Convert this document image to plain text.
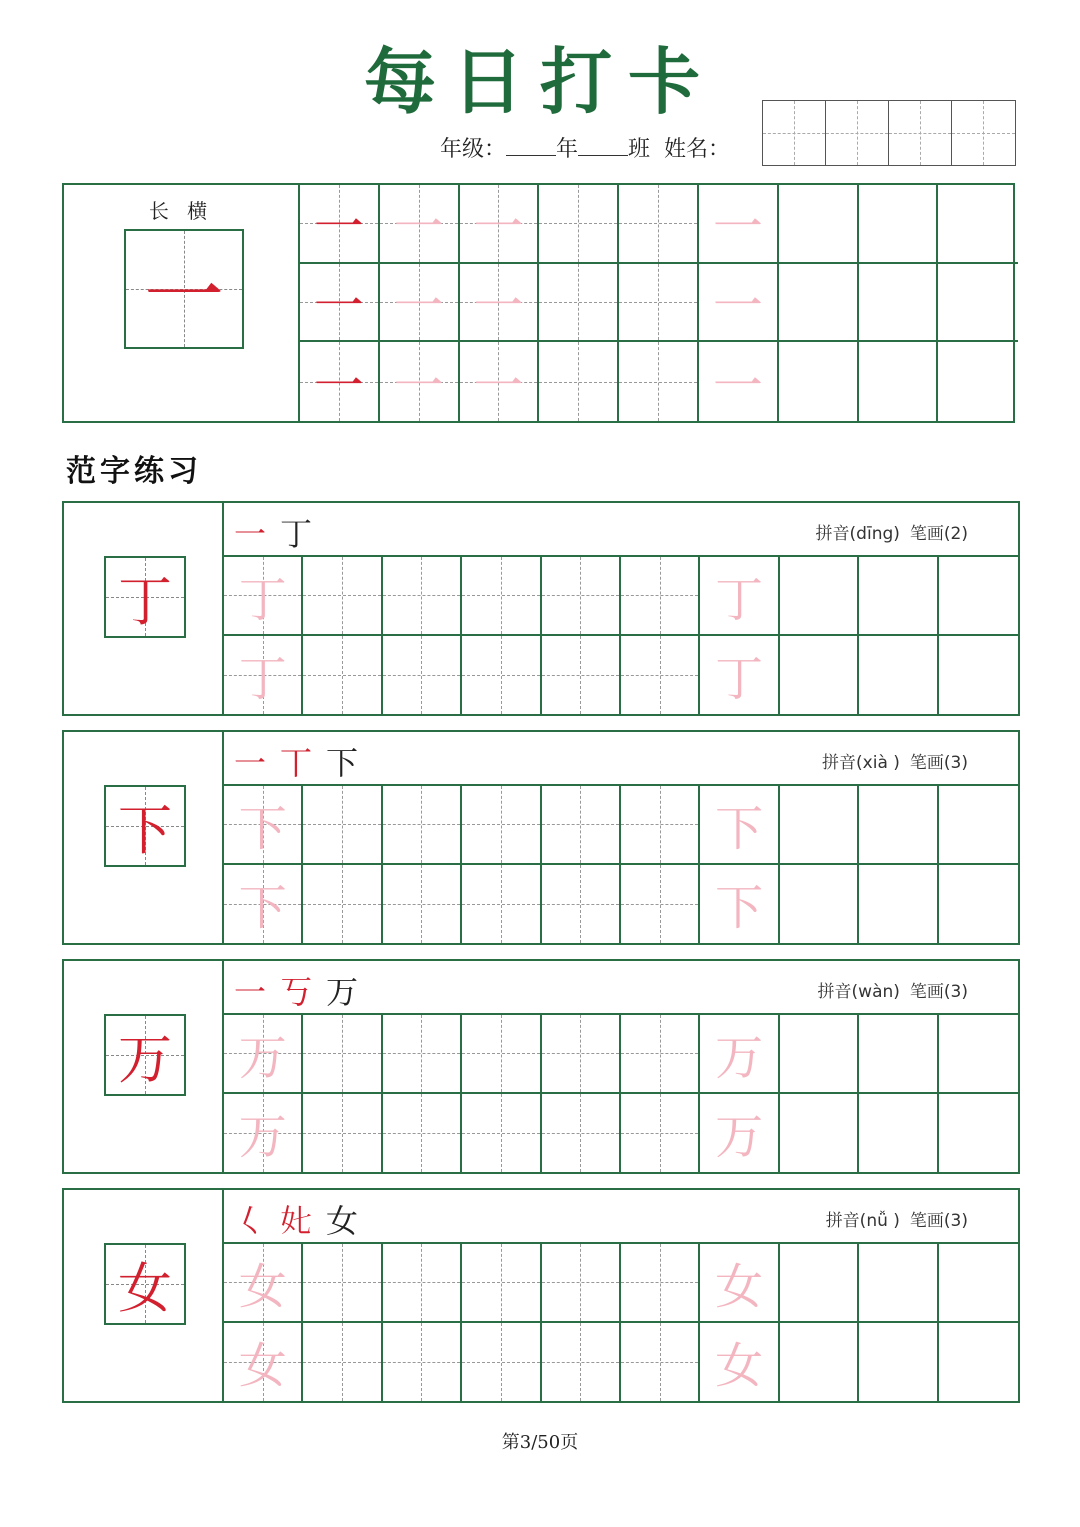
每日打卡
年级： 年 班 姓名：
长 横
一
一 一 一	一
一 一 一	一
一 一 一	一
范字练习
丁
一 丁	拼音(dīng) 笔画(2)
丁	丁
丁	丁
下
一 丅 下	拼音(xià ) 笔画(3)
下	下
下	下
万
一 丂 万	拼音(wàn) 笔画(3)
万	万
万	万
女
𡿨 𡚨 女	拼音(nǚ ) 笔画(3)
女	女
女	女
第3/50页
